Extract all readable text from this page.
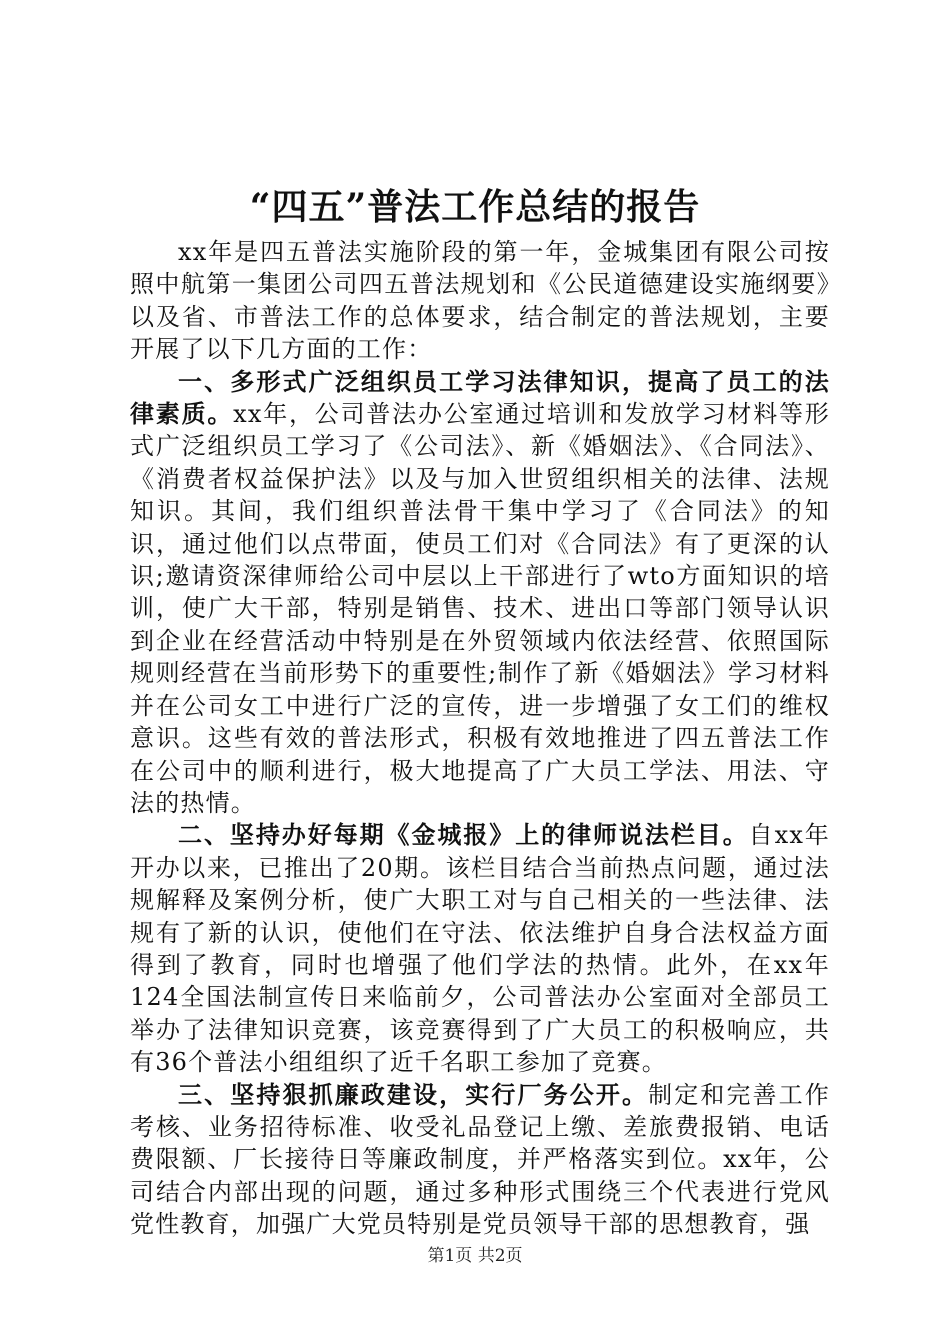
“四五”普法工作总结的报告

xx年是四五普法实施阶段的第一年，金城集团有限公司按照中航第一集团公司四五普法规划和《公民道德建设实施纲要》以及省、市普法工作的总体要求，结合制定的普法规划，主要开展了以下几方面的工作：

一、多形式广泛组织员工学习法律知识，提高了员工的法律素质。xx年，公司普法办公室通过培训和发放学习材料等形式广泛组织员工学习了《公司法》、新《婚姻法》、《合同法》、《消费者权益保护法》以及与加入世贸组织相关的法律、法规知识。其间，我们组织普法骨干集中学习了《合同法》的知识，通过他们以点带面，使员工们对《合同法》有了更深的认识;邀请资深律师给公司中层以上干部进行了wto方面知识的培训，使广大干部，特别是销售、技术、进出口等部门领导认识到企业在经营活动中特别是在外贸领域内依法经营、依照国际规则经营在当前形势下的重要性;制作了新《婚姻法》学习材料并在公司女工中进行广泛的宣传，进一步增强了女工们的维权意识。这些有效的普法形式，积极有效地推进了四五普法工作在公司中的顺利进行，极大地提高了广大员工学法、用法、守法的热情。

二、坚持办好每期《金城报》上的律师说法栏目。自xx年开办以来，已推出了20期。该栏目结合当前热点问题，通过法规解释及案例分析，使广大职工对与自己相关的一些法律、法规有了新的认识，使他们在守法、依法维护自身合法权益方面得到了教育，同时也增强了他们学法的热情。此外，在xx年124全国法制宣传日来临前夕，公司普法办公室面对全部员工举办了法律知识竞赛，该竞赛得到了广大员工的积极响应，共有36个普法小组组织了近千名职工参加了竞赛。

三、坚持狠抓廉政建设，实行厂务公开。制定和完善工作考核、业务招待标准、收受礼品登记上缴、差旅费报销、电话费限额、厂长接待日等廉政制度，并严格落实到位。xx年，公司结合内部出现的问题，通过多种形式围绕三个代表进行党风党性教育，加强广大党员特别是党员领导干部的思想教育，强

第1页 共2页
